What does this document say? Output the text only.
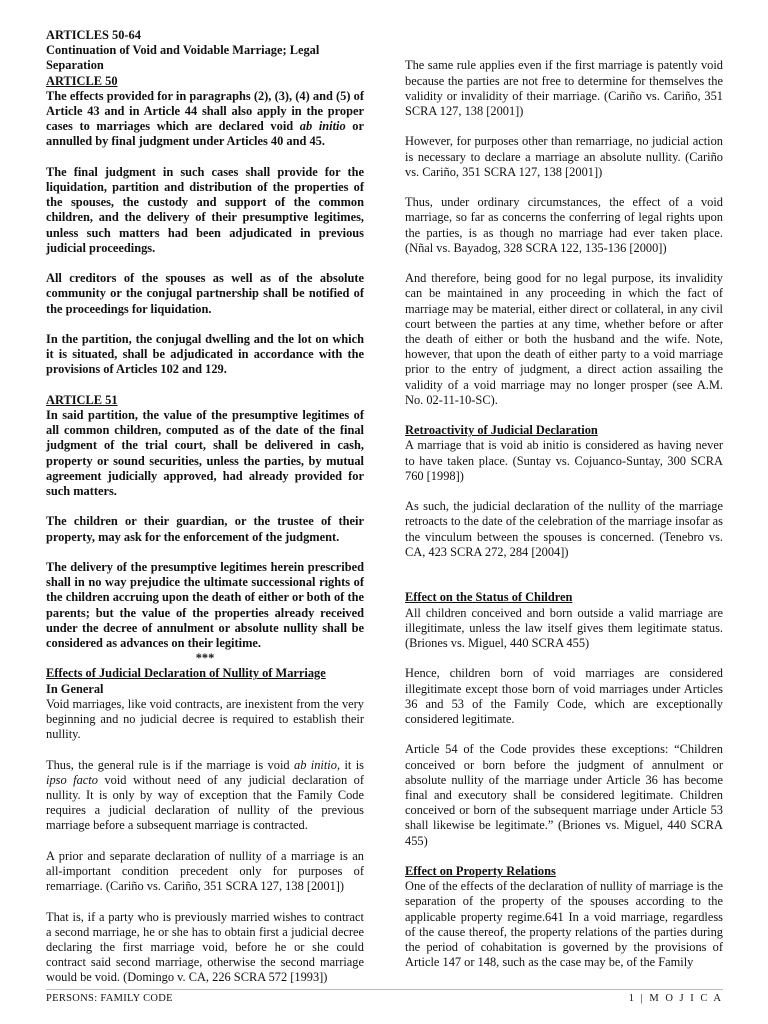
ARTICLES 50-64
Continuation of Void and Voidable Marriage; Legal Separation
ARTICLE 50

The effects provided for in paragraphs (2), (3), (4) and (5) of Article 43 and in Article 44 shall also apply in the proper cases to marriages which are declared void ab initio or annulled by final judgment under Articles 40 and 45.

The final judgment in such cases shall provide for the liquidation, partition and distribution of the properties of the spouses, the custody and support of the common children, and the delivery of their presumptive legitimes, unless such matters had been adjudicated in previous judicial proceedings.

All creditors of the spouses as well as of the absolute community or the conjugal partnership shall be notified of the proceedings for liquidation.

In the partition, the conjugal dwelling and the lot on which it is situated, shall be adjudicated in accordance with the provisions of Articles 102 and 129.

ARTICLE 51

In said partition, the value of the presumptive legitimes of all common children, computed as of the date of the final judgment of the trial court, shall be delivered in cash, property or sound securities, unless the parties, by mutual agreement judicially approved, had already provided for such matters.

The children or their guardian, or the trustee of their property, may ask for the enforcement of the judgment.

The delivery of the presumptive legitimes herein prescribed shall in no way prejudice the ultimate successional rights of the children accruing upon the death of either or both of the parents; but the value of the properties already received under the decree of annulment or absolute nullity shall be considered as advances on their legitime.

***
Effects of Judicial Declaration of Nullity of Marriage
In General

Void marriages, like void contracts, are inexistent from the very beginning and no judicial decree is required to establish their nullity.

Thus, the general rule is if the marriage is void ab initio, it is ipso facto void without need of any judicial declaration of nullity. It is only by way of exception that the Family Code requires a judicial declaration of nullity of the previous marriage before a subsequent marriage is contracted.

A prior and separate declaration of nullity of a marriage is an all-important condition precedent only for purposes of remarriage. (Cariño vs. Cariño, 351 SCRA 127, 138 [2001])

That is, if a party who is previously married wishes to contract a second marriage, he or she has to obtain first a judicial decree declaring the first marriage void, before he or she could contract said second marriage, otherwise the second marriage would be void. (Domingo v. CA, 226 SCRA 572 [1993])

The same rule applies even if the first marriage is patently void because the parties are not free to determine for themselves the validity or invalidity of their marriage. (Cariño vs. Cariño, 351 SCRA 127, 138 [2001])

However, for purposes other than remarriage, no judicial action is necessary to declare a marriage an absolute nullity. (Cariño vs. Cariño, 351 SCRA 127, 138 [2001])

Thus, under ordinary circumstances, the effect of a void marriage, so far as concerns the conferring of legal rights upon the parties, is as though no marriage had ever taken place. (Nñal vs. Bayadog, 328 SCRA 122, 135-136 [2000])

And therefore, being good for no legal purpose, its invalidity can be maintained in any proceeding in which the fact of marriage may be material, either direct or collateral, in any civil court between the parties at any time, whether before or after the death of either or both the husband and the wife. Note, however, that upon the death of either party to a void marriage prior to the entry of judgment, a direct action assailing the validity of a void marriage may no longer prosper (see A.M. No. 02-11-10-SC).

Retroactivity of Judicial Declaration

A marriage that is void ab initio is considered as having never to have taken place. (Suntay vs. Cojuanco-Suntay, 300 SCRA 760 [1998])

As such, the judicial declaration of the nullity of the marriage retroacts to the date of the celebration of the marriage insofar as the vinculum between the spouses is concerned. (Tenebro vs. CA, 423 SCRA 272, 284 [2004])

Effect on the Status of Children

All children conceived and born outside a valid marriage are illegitimate, unless the law itself gives them legitimate status. (Briones vs. Miguel, 440 SCRA 455)

Hence, children born of void marriages are considered illegitimate except those born of void marriages under Articles 36 and 53 of the Family Code, which are exceptionally considered legitimate.

Article 54 of the Code provides these exceptions: “Children conceived or born before the judgment of annulment or absolute nullity of the marriage under Article 36 has become final and executory shall be considered legitimate. Children conceived or born of the subsequent marriage under Article 53 shall likewise be legitimate.” (Briones vs. Miguel, 440 SCRA 455)

Effect on Property Relations

One of the effects of the declaration of nullity of marriage is the separation of the property of the spouses according to the applicable property regime.641 In a void marriage, regardless of the cause thereof, the property relations of the parties during the period of cohabitation is governed by the provisions of Article 147 or 148, such as the case may be, of the Family

PERSONS: FAMILY CODE	1 | M O J I C A
